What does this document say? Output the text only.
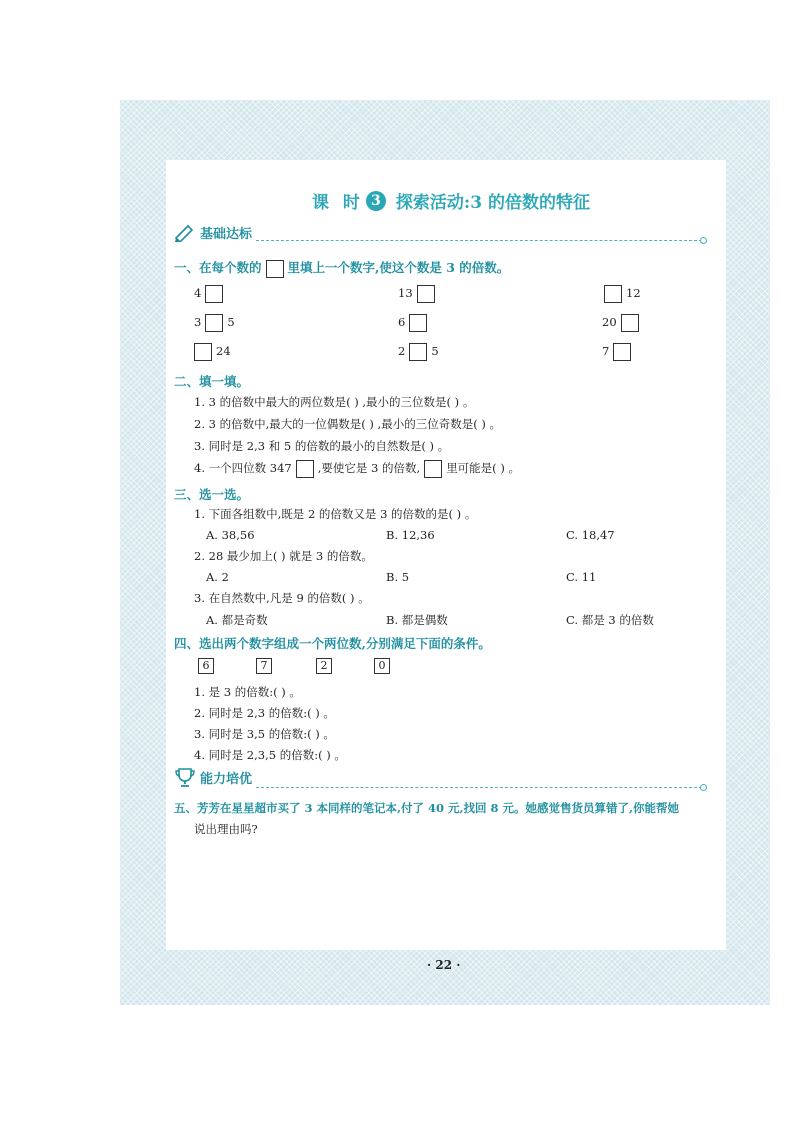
课 时 3 探索活动:3 的倍数的特征
基础达标
一、在每个数的 里填上一个数字,使这个数是 3 的倍数。
4	13	12
3 5	6	20
24	2 5	7
二、填一填。
1. 3 的倍数中最大的两位数是( ) ,最小的三位数是( ) 。
2. 3 的倍数中,最大的一位偶数是( ) ,最小的三位奇数是( ) 。
3. 同时是 2,3 和 5 的倍数的最小的自然数是( ) 。
4. 一个四位数 347 ,要使它是 3 的倍数, 里可能是( ) 。
三、选一选。
1. 下面各组数中,既是 2 的倍数又是 3 的倍数的是( ) 。
A. 38,56	B. 12,36	C. 18,47
2. 28 最少加上( ) 就是 3 的倍数。
A. 2	B. 5	C. 11
3. 在自然数中,凡是 9 的倍数( ) 。
A. 都是奇数	B. 都是偶数	C. 都是 3 的倍数
四、选出两个数字组成一个两位数,分别满足下面的条件。
6	7	2	0
1. 是 3 的倍数:( ) 。
2. 同时是 2,3 的倍数:( ) 。
3. 同时是 3,5 的倍数:( ) 。
4. 同时是 2,3,5 的倍数:( ) 。
能力培优
五、芳芳在星星超市买了 3 本同样的笔记本,付了 40 元,找回 8 元。她感觉售货员算错了,你能帮她
说出理由吗?
· 22 ·
